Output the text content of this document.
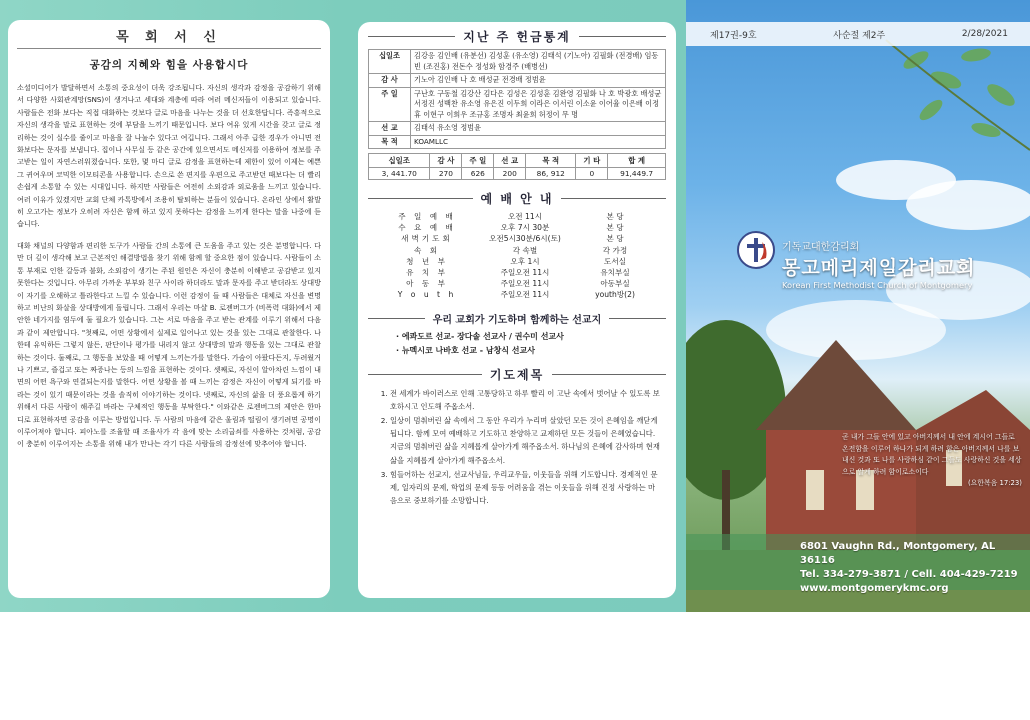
목 회 서 신
공감의 지혜와 힘을 사용합시다

소셜미디어가 발달하면서 소통의 중요성이 더욱 강조됩니다. 자신의 생각과 감정을 공감하기 위해서 다양한 사회관계망(SNS)이 생겨나고 세대와 계층에 따라 여러 메신저들이 이용되고 있습니다. 사람들은 전화 보다는 직접 대화하는 것보다 글로 마음을 나누는 것을 더 선호한답니다. 즉흥적으로 자신의 생각을 말로 표현하는 것에 부담을 느끼기 때문입니다. 보다 여유 있게 시간을 갖고 글로 정리하는 것이 실수를 줄이고 마음을 잘 나눌수 있다고 여깁니다. 그래서 아주 급한 경우가 아니면 전화보다는 문자를 보냅니다. 집이나 사무실 등 같은 공간에 있으면서도 메신저를 이용하여 정보를 주고받는 일이 자연스러워졌습니다. 또한, 몇 마디 글로 감정을 표현하는데 제한이 있어 이제는 예쁜 그 귀여우며 코믹한 이모티콘을 사용합니다. 손으로 쓴 편지를 우편으로 주고받던 때보다는 더 빨리 손쉽게 소통할 수 있는 시대입니다. 하지만 사람들은 여전히 소외감과 외로움을 느끼고 있습니다. 여러 이유가 있겠지만 교회 단체 카톡방에서 조용히 탈퇴하는 분들이 있습니다. 온라인 상에서 활발히 오고가는 정보가 오히려 자신은 함께 하고 있지 못하다는 감정을 느끼게 한다는 말을 나중에 듣습니다.

대화 채널의 다양함과 편리한 도구가 사람들 간의 소통에 큰 도움을 주고 있는 것은 분명합니다. 다만 더 깊이 생각해 보고 근본적인 해결방법을 찾기 위해 함께 할 중요한 점이 있습니다. 사람들이 소통 부재로 인한 갈등과 불화, 소외감이 생기는 주된 원인은 자신이 충분히 이해받고 공감받고 있지 못한다는 것입니다. 아무리 가까운 부부와 친구 사이라 하더라도 말과 문자를 주고 받더라도 상대방이 자기를 오해하고 틀라한다고 느낄 수 있습니다. 이런 감정이 들 때 사람들은 대체로 자신을 변명하고 비난의 화살을 상대방에게 돌립니다. 그래서 우리는 마샬 B. 로젠버그가 (비폭력 대화)에서 제안한 네가지를 염두에 둘 필요가 있습니다. 그는 서로 마음을 주고 받는 관계를 이루기 위해서 다음과 같이 제안합니다. "첫째로, 어떤 상황에서 실제로 일어나고 있는 것을 있는 그대로 관찰한다. 나한테 유익하든 그렇지 않든, 판단이나 평가를 내리지 않고 상대방의 말과 행동을 있는 그대로 관찰하는 것이다. 둘째로, 그 행동을 보았을 때 어떻게 느끼는가를 말한다. 가슴이 아팠다든지, 두려웠거나 기쁘고, 즐겁고 또는 짜증나는 등의 느낌을 표현하는 것이다. 셋째로, 자신이 알아차린 느낌이 내면의 어떤 욕구와 연결되는지를 말한다. 어떤 상황을 볼 때 느끼는 감정은 자신이 어떻게 되기를 바라는 것이 있기 때문이라는 것을 솔직히 이야기하는 것이다. 넷째로, 자신의 삶을 더 풍요롭게 하기 위해서 다른 사람이 해주길 바라는 구체적인 행동을 부탁한다." 이와같은 로젠버그의 제안은 한마디로 표현하자면 공감을 이루는 방법입니다. 두 사람의 마음에 같은 울림과 떨림이 생기려면 공명이 이루어져야 합니다. 피아노를 조율할 때 조율사가 각 음에 맞는 소리굽쇠를 사용하는 것처럼, 공감이 충분히 이루어지는 소통을 위해 내가 만나는 각기 다른 사람들의 감정선에 맞추어야 합니다.

지난 주 헌금통계
십일조	김강응 김인배 (유분선) 김성훈 (유소영) 김태석 (기노아) 김필화 (전경배) 임동빈 (조진홍) 전돈수 정성화 함경주 (배병선)
감 사	기노아 김인배 나 호 배성균 전경배 정범윤
주 일	구난호 구동철 김강산 김다은 김성은 김성훈 김완영 김필화 나 호 박광호 배성균 서정진 성백찬 유소영 유은진 이두희 이라은 이서린 이소윤 이어율 이은배 이정휴 이현구 이희우 조규홍 조명자 최윤희 허정이 무 명
선 교	김태석 유소영 정범윤
목 적	KOAMLLC
십일조	감 사	주 일	선 교	목 적	기 타	합 계
3, 441.70	270	626	200	86, 912	0	91,449.7
예 배 안 내
주 일 예 배	오전 11시	본 당
수 요 예 배	오후 7시 30분	본 당
새벽기도회	오전5시30분/6시(토)	본 당
속 회	각 속별	각 가정
청 년 부	오후 1시	도서실
유 치 부	주일오전 11시	유치부실
아 동 부	주일오전 11시	아동부실
Y o u t h	주일오전 11시	youth방(2)
우리 교회가 기도하며 함께하는 선교지
· 에콰도르 선교- 장다솔 선교사 / 권수미 선교사
· 뉴멕시코 나바호 선교 - 남창식 선교사
기도제목
1. 전 세계가 바이러스로 인해 고통당하고 하루 빨리 이 고난 속에서 벗어날 수 있도록 보호하시고 인도해 주옵소서.
2. 일상이 멈춰버린 삶 속에서 그 동안 우리가 누리며 살았던 모든 것이 은혜임을 깨닫게 됩니다. 함께 모여 예배하고 기도하고 찬양하고 교제하던 모든 것들이 은혜였습니다. 지금의 멈춰버린 삶을 지혜롭게 살아가게 해주옵소서. 하나님의 은혜에 감사하며 현재 삶을 지혜롭게 살아가게 해주옵소서.
3. 힘들어하는 선교지, 선교사님들, 우리교우들, 이웃들을 위해 기도합니다. 경제적인 문제, 일자리의 문제, 학업의 문제 등등 어려움을 겪는 이웃들을 위해 진정 사랑하는 마음으로 중보하기를 소망합니다.
제17권-9호	사순절 제2주	2/28/2021
기독교대한감리회
몽고메리제일감리교회
Korean First Methodist Church of Montgomery
곧 내가 그들 안에 있고 아버지께서 내 안에 계시어 그들로 온전함을 이루어 하나가 되게 하려 함은 아버지께서 나를 보내신 것과 또 나를 사랑하심 같이 그들도 사랑하신 것을 세상으로 알게 하려 함이로소이다
(요한복음 17:23)
6801 Vaughn Rd., Montgomery, AL 36116
Tel. 334-279-3871 / Cell. 404-429-7219
www.montgomerykmc.org
